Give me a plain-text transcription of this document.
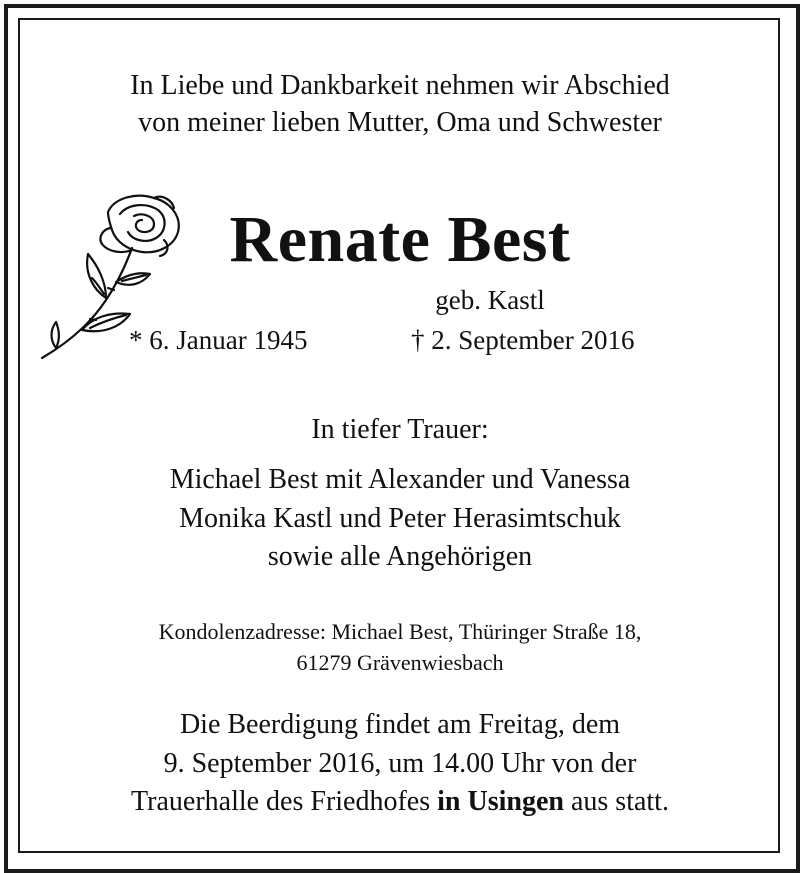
In Liebe und Dankbarkeit nehmen wir Abschied
von meiner lieben Mutter, Oma und Schwester
Renate Best
geb. Kastl
* 6. Januar 1945	† 2. September 2016
In tiefer Trauer:
Michael Best mit Alexander und Vanessa
Monika Kastl und Peter Herasimtschuk
sowie alle Angehörigen
Kondolenzadresse: Michael Best, Thüringer Straße 18,
61279 Grävenwiesbach
Die Beerdigung findet am Freitag, dem
9. September 2016, um 14.00 Uhr von der
Trauerhalle des Friedhofes in Usingen aus statt.
